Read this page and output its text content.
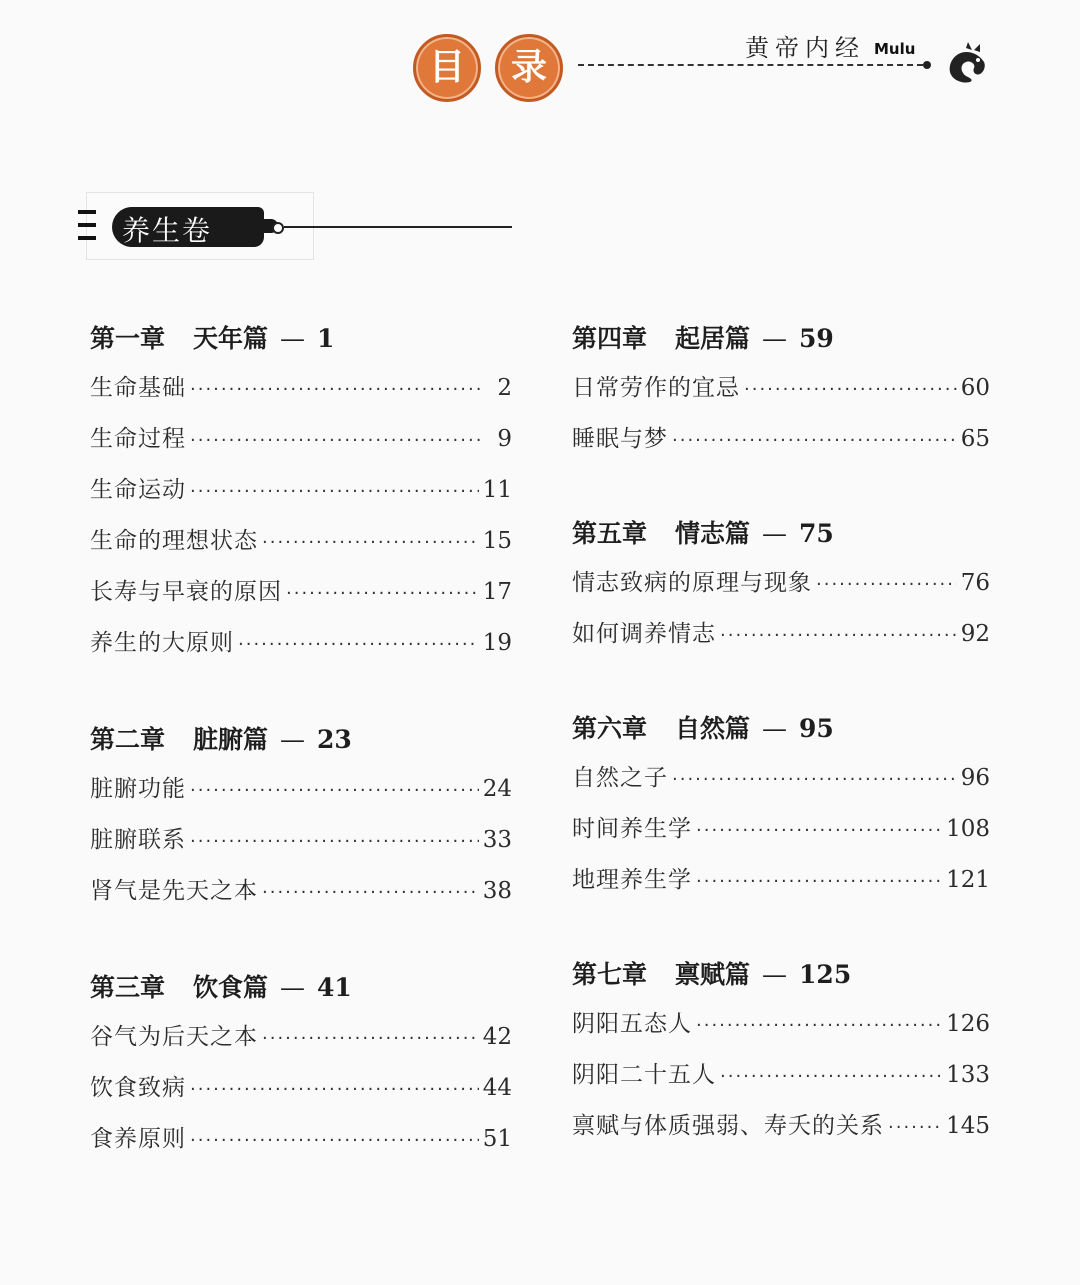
目	录	黄帝内经 Mulu
养生卷
第一章 天年篇 — 1
生命基础 ·····	2
生命过程 ·····	9
生命运动 ·····	11
生命的理想状态 ·····	15
长寿与早衰的原因 ·····	17
养生的大原则 ·····	19
第二章 脏腑篇 — 23
脏腑功能 ·····	24
脏腑联系 ·····	33
肾气是先天之本 ·····	38
第三章 饮食篇 — 41
谷气为后天之本 ·····	42
饮食致病 ·····	44
食养原则 ·····	51
第四章 起居篇 — 59
日常劳作的宜忌 ·····	60
睡眠与梦 ·····	65
第五章 情志篇 — 75
情志致病的原理与现象 ·····	76
如何调养情志 ·····	92
第六章 自然篇 — 95
自然之子 ·····	96
时间养生学 ·····	108
地理养生学 ·····	121
第七章 禀赋篇 — 125
阴阳五态人 ·····	126
阴阳二十五人 ·····	133
禀赋与体质强弱、寿夭的关系 ·····	145
